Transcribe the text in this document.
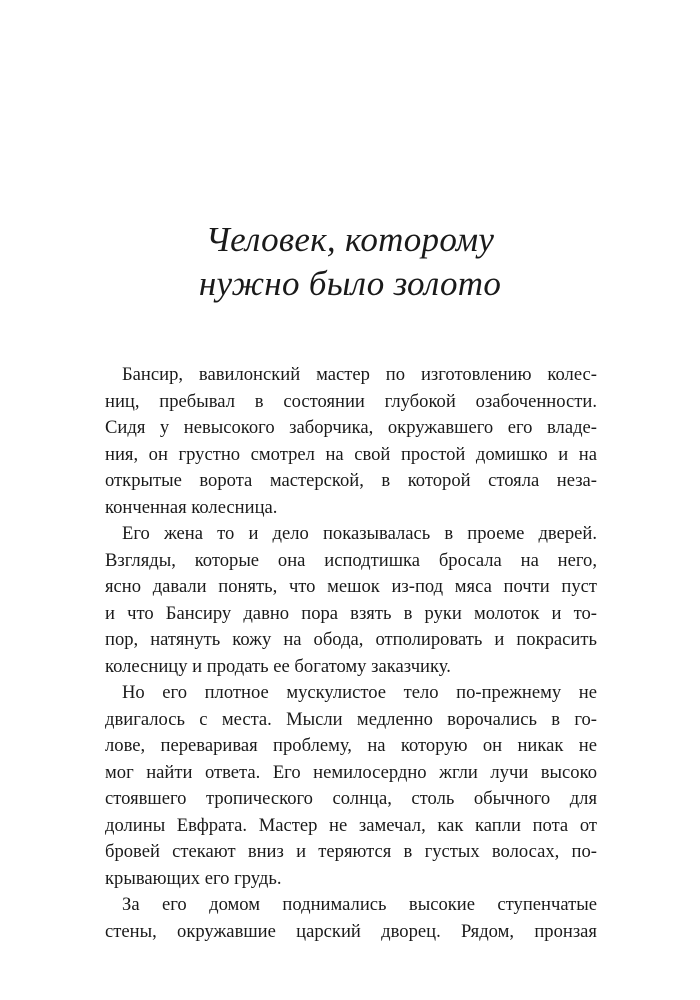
Человек, которому
нужно было золото
Бансир, вавилонский мастер по изготовлению колес-
ниц, пребывал в состоянии глубокой озабоченности.
Сидя у невысокого заборчика, окружавшего его владе-
ния, он грустно смотрел на свой простой домишко и на
открытые ворота мастерской, в которой стояла неза-
конченная колесница.
Его жена то и дело показывалась в проеме дверей.
Взгляды, которые она исподтишка бросала на него,
ясно давали понять, что мешок из-под мяса почти пуст
и что Бансиру давно пора взять в руки молоток и то-
пор, натянуть кожу на обода, отполировать и покрасить
колесницу и продать ее богатому заказчику.
Но его плотное мускулистое тело по-прежнему не
двигалось с места. Мысли медленно ворочались в го-
лове, переваривая проблему, на которую он никак не
мог найти ответа. Его немилосердно жгли лучи высоко
стоявшего тропического солнца, столь обычного для
долины Евфрата. Мастер не замечал, как капли пота от
бровей стекают вниз и теряются в густых волосах, по-
крывающих его грудь.
За его домом поднимались высокие ступенчатые
стены, окружавшие царский дворец. Рядом, пронзая
